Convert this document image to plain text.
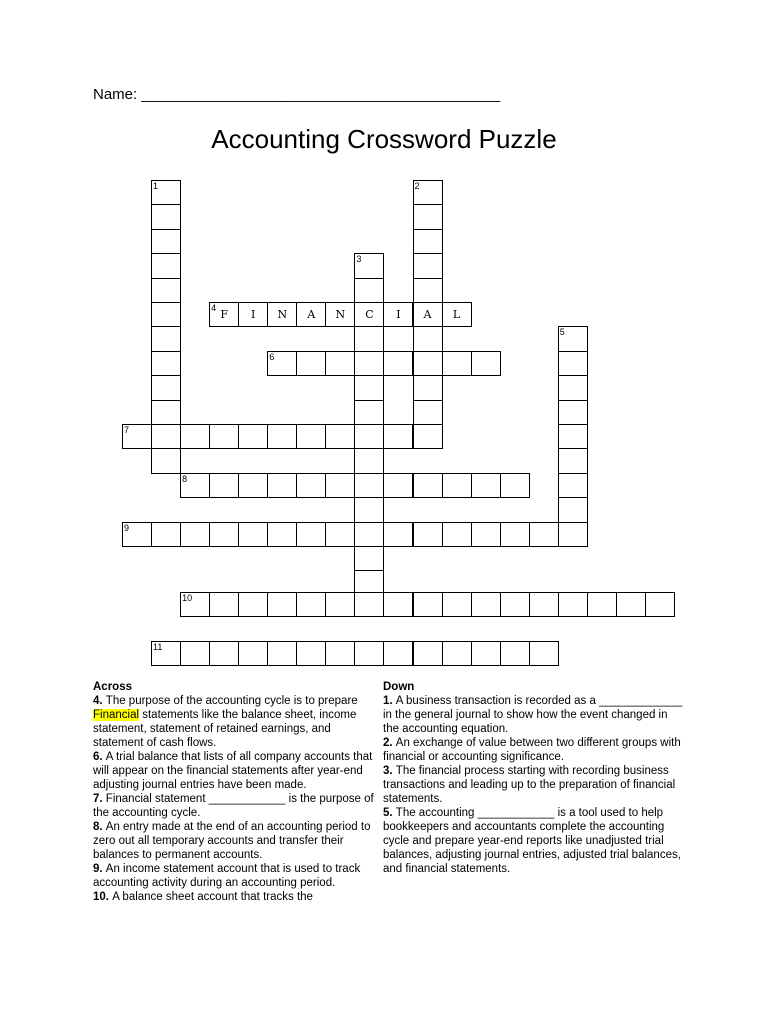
Name: ___________________________________________
Accounting Crossword Puzzle
1	2
A
3
C
4 F	I	N	A	N	I	L
5
6
7
8
9
10
11
Across
4. The purpose of the accounting cycle is to prepare Financial statements like the balance sheet, income statement, statement of retained earnings, and statement of cash flows.
6. A trial balance that lists of all company accounts that will appear on the financial statements after year-end adjusting journal entries have been made.
7. Financial statement ____________ is the purpose of the accounting cycle.
8. An entry made at the end of an accounting period to zero out all temporary accounts and transfer their balances to permanent accounts.
9. An income statement account that is used to track accounting activity during an accounting period.
10. A balance sheet account that tracks the
Down
1. A business transaction is recorded as a _____________ in the general journal to show how the event changed in the accounting equation.
2. An exchange of value between two different groups with financial or accounting significance.
3. The financial process starting with recording business transactions and leading up to the preparation of financial statements.
5. The accounting ____________ is a tool used to help bookkeepers and accountants complete the accounting cycle and prepare year-end reports like unadjusted trial balances, adjusting journal entries, adjusted trial balances, and financial statements.
